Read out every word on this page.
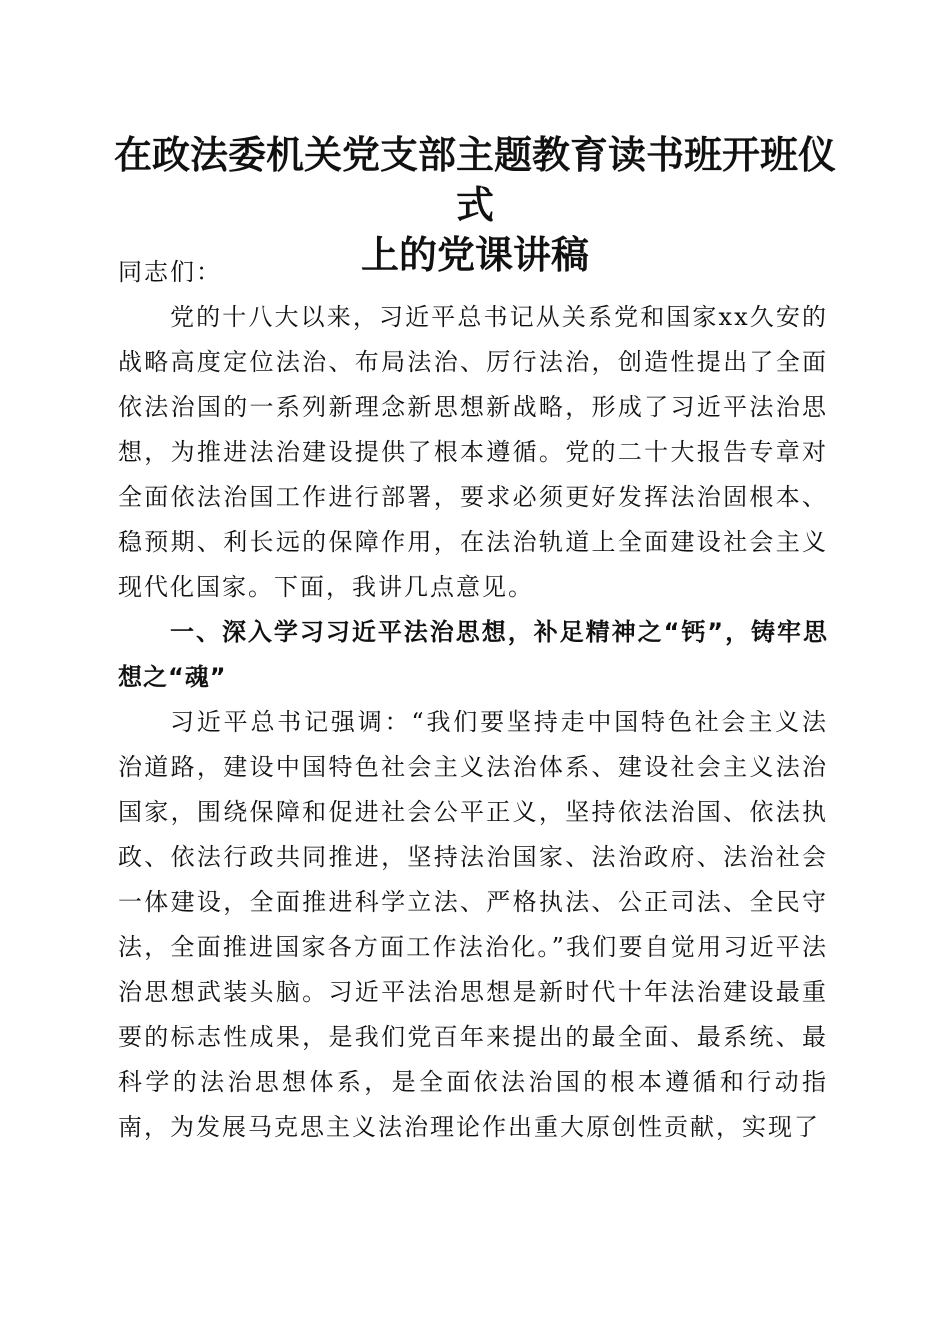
在政法委机关党支部主题教育读书班开班仪式
上的党课讲稿

同志们：

党的十八大以来，习近平总书记从关系党和国家xx久安的战略高度定位法治、布局法治、厉行法治，创造性提出了全面依法治国的一系列新理念新思想新战略，形成了习近平法治思想，为推进法治建设提供了根本遵循。党的二十大报告专章对全面依法治国工作进行部署，要求必须更好发挥法治固根本、稳预期、利长远的保障作用，在法治轨道上全面建设社会主义现代化国家。下面，我讲几点意见。

一、深入学习习近平法治思想，补足精神之“钙”，铸牢思想之“魂”

习近平总书记强调：“我们要坚持走中国特色社会主义法治道路，建设中国特色社会主义法治体系、建设社会主义法治国家，围绕保障和促进社会公平正义，坚持依法治国、依法执政、依法行政共同推进，坚持法治国家、法治政府、法治社会一体建设，全面推进科学立法、严格执法、公正司法、全民守法，全面推进国家各方面工作法治化。”我们要自觉用习近平法治思想武装头脑。习近平法治思想是新时代十年法治建设最重要的标志性成果，是我们党百年来提出的最全面、最系统、最科学的法治思想体系，是全面依法治国的根本遵循和行动指南，为发展马克思主义法治理论作出重大原创性贡献，实现了
